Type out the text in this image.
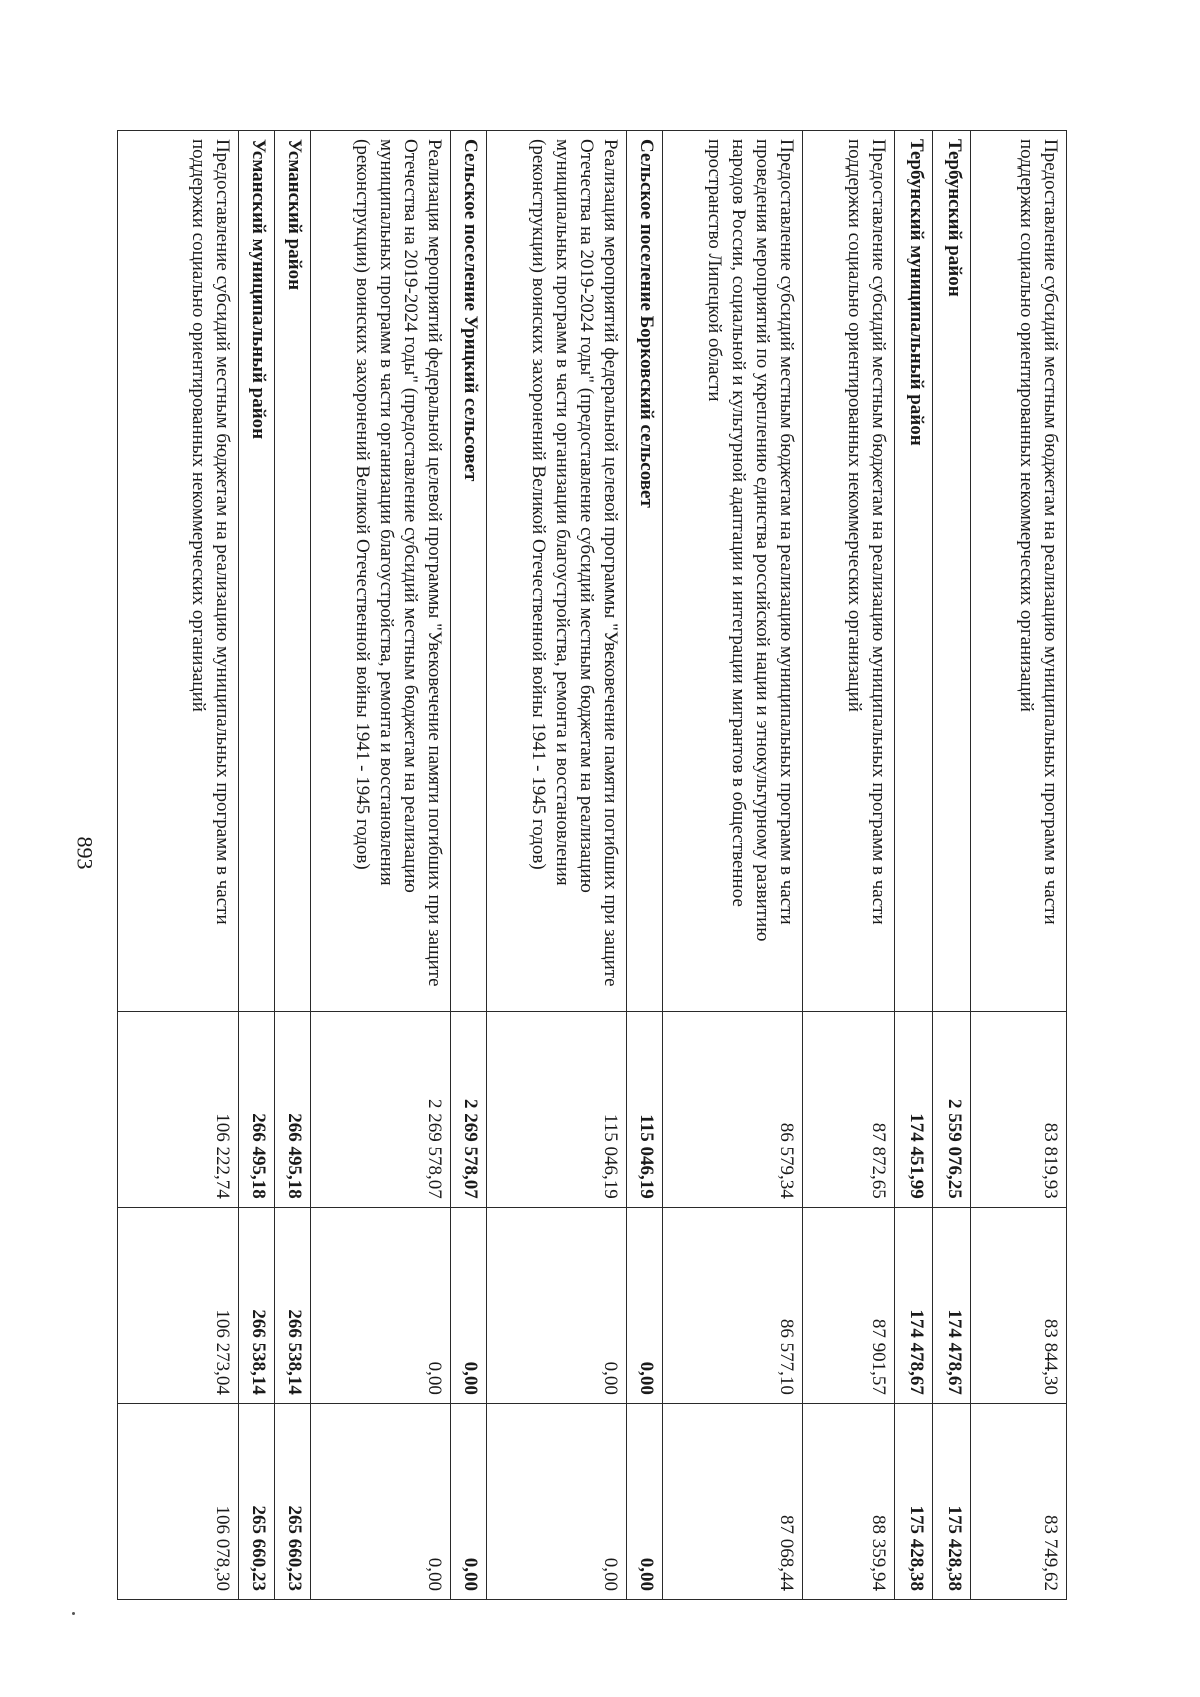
893	Предоставление субсидий местным бюджетам на реализацию муниципальных программ в части поддержки социально ориентированных некоммерческих организаций	83 819,93	83 844,30	83 749,62
Тербунский район	2 559 076,25	174 478,67	175 428,38
Тербунский муниципальный район	174 451,99	174 478,67	175 428,38
Предоставление субсидий местным бюджетам на реализацию муниципальных программ в части поддержки социально ориентированных некоммерческих организаций	87 872,65	87 901,57	88 359,94
Предоставление субсидий местным бюджетам на реализацию муниципальных программ в части проведения мероприятий по укреплению единства российской нации и этнокультурному развитию народов России, социальной и культурной адаптации и интеграции мигрантов в общественное пространство Липецкой области	86 579,34	86 577,10	87 068,44
Сельское поселение Борковский сельсовет	115 046,19	0,00	0,00
Реализация мероприятий федеральной целевой программы "Увековечение памяти погибших при защите Отечества на 2019-2024 годы" (предоставление субсидий местным бюджетам на реализацию муниципальных программ в части организации благоустройства, ремонта и восстановления (реконструкции) воинских захоронений Великой Отечественной войны 1941 - 1945 годов)	115 046,19	0,00	0,00
Сельское поселение Урицкий сельсовет	2 269 578,07	0,00	0,00
Реализация мероприятий федеральной целевой программы "Увековечение памяти погибших при защите Отечества на 2019-2024 годы" (предоставление субсидий местным бюджетам на реализацию муниципальных программ в части организации благоустройства, ремонта и восстановления (реконструкции) воинских захоронений Великой Отечественной войны 1941 - 1945 годов)	2 269 578,07	0,00	0,00
Усманский район	266 495,18	266 538,14	265 660,23
Усманский муниципальный район	266 495,18	266 538,14	265 660,23
Предоставление субсидий местным бюджетам на реализацию муниципальных программ в части поддержки социально ориентированных некоммерческих организаций	106 222,74	106 273,04	106 078,30
